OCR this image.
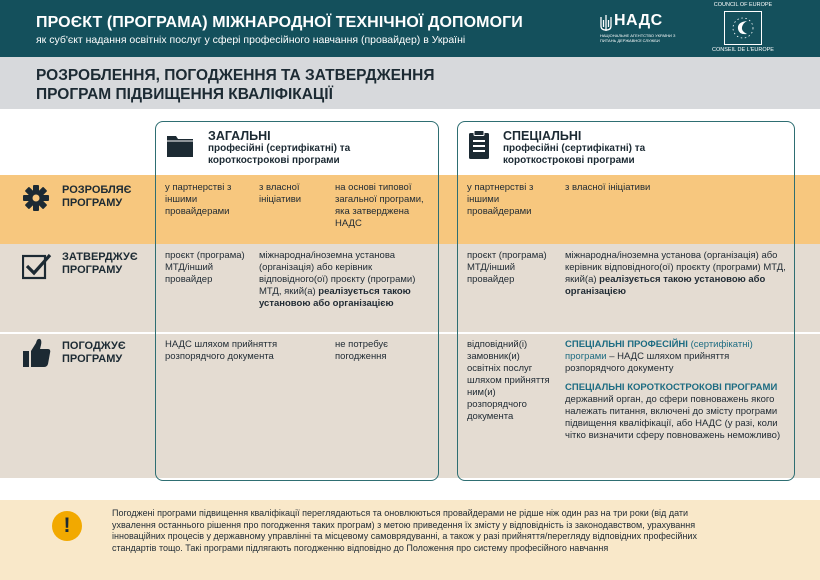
ПРОЄКТ (ПРОГРАМА) МІЖНАРОДНОЇ ТЕХНІЧНОЇ ДОПОМОГИ
як суб'єкт надання освітніх послуг у сфері професійного навчання (провайдер) в Україні
НАДС
НАЦІОНАЛЬНЕ АГЕНТСТВО УКРАЇНИ З ПИТАНЬ ДЕРЖАВНОЇ СЛУЖБИ
COUNCIL OF EUROPE
CONSEIL DE L'EUROPE
РОЗРОБЛЕННЯ, ПОГОДЖЕННЯ ТА ЗАТВЕРДЖЕННЯ
ПРОГРАМ ПІДВИЩЕННЯ КВАЛІФІКАЦІЇ
ЗАГАЛЬНІ
професійні (сертифікатні) та
короткострокові програми
СПЕЦІАЛЬНІ
професійні (сертифікатні) та
короткострокові програми
РОЗРОБЛЯЄ
ПРОГРАМУ
у партнерстві з іншими провайдерами
з власної ініціативи
на основі типової загальної програми, яка затверджена НАДС
у партнерстві з іншими провайдерами
з власної ініціативи
ЗАТВЕРДЖУЄ
ПРОГРАМУ
проєкт (програма) МТД/інший провайдер
міжнародна/іноземна установа (організація) або керівник відповідного(ої) проєкту (програми) МТД, який(а) реалізується такою установою або організацією
проєкт (програма) МТД/інший провайдер
міжнародна/іноземна установа (організація) або керівник відповідного(ої) проєкту (програми) МТД, який(а) реалізується такою установою або організацією
ПОГОДЖУЄ
ПРОГРАМУ
НАДС шляхом прийняття розпорядчого документа
не потребує погодження
відповідний(і) замовник(и) освітніх послуг шляхом прийняття ним(и) розпорядчого документа
СПЕЦІАЛЬНІ ПРОФЕСІЙНІ (сертифікатні) програми – НАДС шляхом прийняття розпорядчого документу
СПЕЦІАЛЬНІ КОРОТКОСТРОКОВІ ПРОГРАМИ
державний орган, до сфери повноважень якого належать питання, включені до змісту програми підвищення кваліфікації, або НАДС (у разі, коли чітко визначити сферу повноважень неможливо)
!
Погоджені програми підвищення кваліфікації переглядаються та оновлюються провайдерами не рідше ніж один раз на три роки (від дати ухвалення останнього рішення про погодження таких програм) з метою приведення їх змісту у відповідність із законодавством, урахування інноваційних процесів у державному управлінні та місцевому самоврядуванні, а також у разі прийняття/перегляду відповідних професійних стандартів тощо. Такі програми підлягають погодженню відповідно до Положення про систему професійного навчання
